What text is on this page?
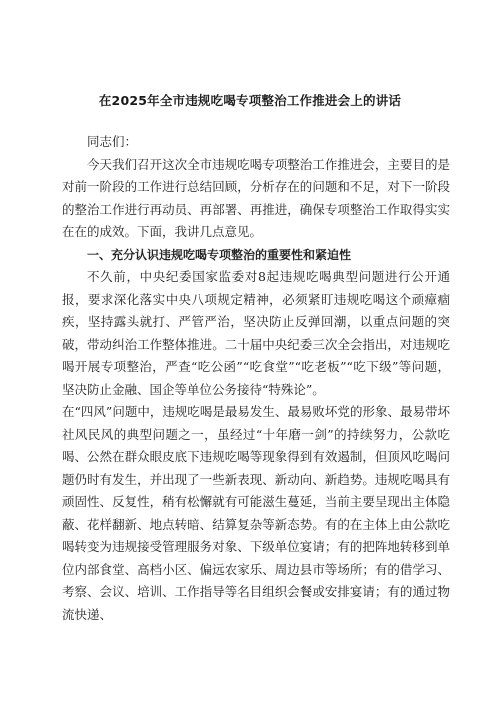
在2025年全市违规吃喝专项整治工作推进会上的讲话

同志们：

今天我们召开这次全市违规吃喝专项整治工作推进会，主要目的是对前一阶段的工作进行总结回顾，分析存在的问题和不足，对下一阶段的整治工作进行再动员、再部署、再推进，确保专项整治工作取得实实在在的成效。下面，我讲几点意见。

一、充分认识违规吃喝专项整治的重要性和紧迫性

不久前，中央纪委国家监委对8起违规吃喝典型问题进行公开通报，要求深化落实中央八项规定精神，必须紧盯违规吃喝这个顽瘴痼疾，坚持露头就打、严管严治，坚决防止反弹回潮，以重点问题的突破，带动纠治工作整体推进。二十届中央纪委三次全会指出，对违规吃喝开展专项整治，严查“吃公函”“吃食堂”“吃老板”“吃下级”等问题，坚决防止金融、国企等单位公务接待“特殊论”。

在“四风”问题中，违规吃喝是最易发生、最易败坏党的形象、最易带坏社风民风的典型问题之一，虽经过“十年磨一剑”的持续努力，公款吃喝、公然在群众眼皮底下违规吃喝等现象得到有效遏制，但顶风吃喝问题仍时有发生，并出现了一些新表现、新动向、新趋势。违规吃喝具有顽固性、反复性，稍有松懈就有可能滋生蔓延，当前主要呈现出主体隐蔽、花样翻新、地点转暗、结算复杂等新态势。有的在主体上由公款吃喝转变为违规接受管理服务对象、下级单位宴请；有的把阵地转移到单位内部食堂、高档小区、偏远农家乐、周边县市等场所；有的借学习、考察、会议、培训、工作指导等名目组织会餐或安排宴请；有的通过物流快递、
